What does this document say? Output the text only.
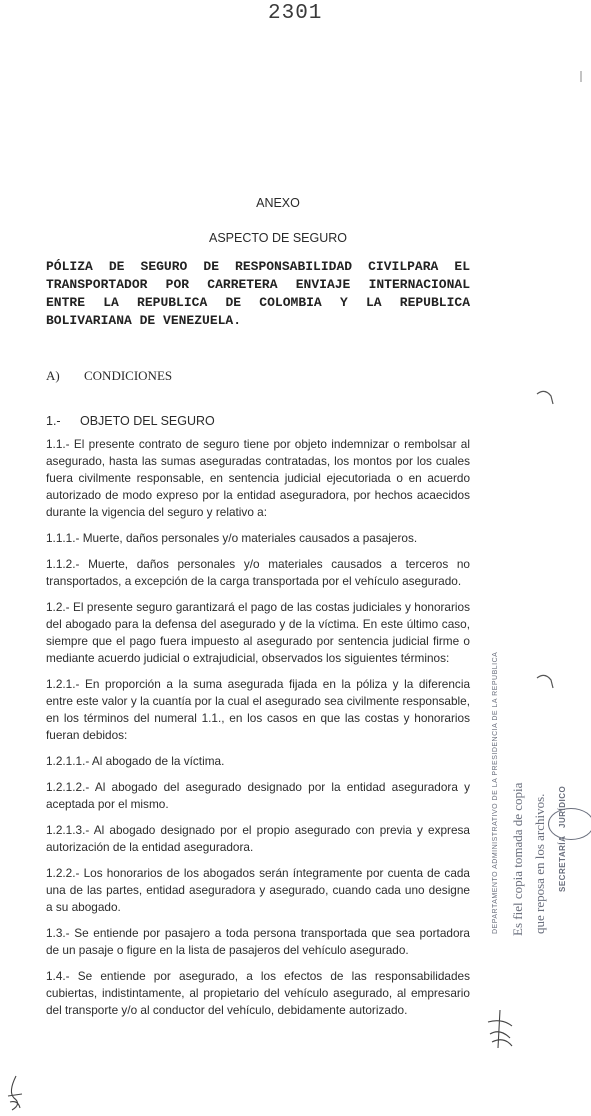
2301
ANEXO
ASPECTO DE SEGURO
PÓLIZA DE SEGURO DE RESPONSABILIDAD CIVILPARA EL TRANSPORTADOR POR CARRETERA ENVIAJE INTERNACIONAL ENTRE LA REPUBLICA DE COLOMBIA Y LA REPUBLICA BOLIVARIANA DE VENEZUELA.
A) CONDICIONES
1.- OBJETO DEL SEGURO

1.1.- El presente contrato de seguro tiene por objeto indemnizar o rembolsar al asegurado, hasta las sumas aseguradas contratadas, los montos por los cuales fuera civilmente responsable, en sentencia judicial ejecutoriada o en acuerdo autorizado de modo expreso por la entidad aseguradora, por hechos acaecidos durante la vigencia del seguro y relativo a:

1.1.1.- Muerte, daños personales y/o materiales causados a pasajeros.

1.1.2.- Muerte, daños personales y/o materiales causados a terceros no transportados, a excepción de la carga transportada por el vehículo asegurado.

1.2.- El presente seguro garantizará el pago de las costas judiciales y honorarios del abogado para la defensa del asegurado y de la víctima. En este último caso, siempre que el pago fuera impuesto al asegurado por sentencia judicial firme o mediante acuerdo judicial o extrajudicial, observados los siguientes términos:

1.2.1.- En proporción a la suma asegurada fijada en la póliza y la diferencia entre este valor y la cuantía por la cual el asegurado sea civilmente responsable, en los términos del numeral 1.1., en los casos en que las costas y honorarios fueran debidos:

1.2.1.1.- Al abogado de la víctima.

1.2.1.2.- Al abogado del asegurado designado por la entidad aseguradora y aceptada por el mismo.

1.2.1.3.- Al abogado designado por el propio asegurado con previa y expresa autorización de la entidad aseguradora.

1.2.2.- Los honorarios de los abogados serán íntegramente por cuenta de cada una de las partes, entidad aseguradora y asegurado, cuando cada uno designe a su abogado.

1.3.- Se entiende por pasajero a toda persona transportada que sea portadora de un pasaje o figure en la lista de pasajeros del vehículo asegurado.

1.4.- Se entiende por asegurado, a los efectos de las responsabilidades cubiertas, indistintamente, al propietario del vehículo asegurado, al empresario del transporte y/o al conductor del vehículo, debidamente autorizado.

DEPARTAMENTO ADMINISTRATIVO DE LA PRESIDENCIA DE LA REPUBLICA Es fiel copia tomada de copia que reposa en los archivos. SECRETARÍA
JURÍDICO
